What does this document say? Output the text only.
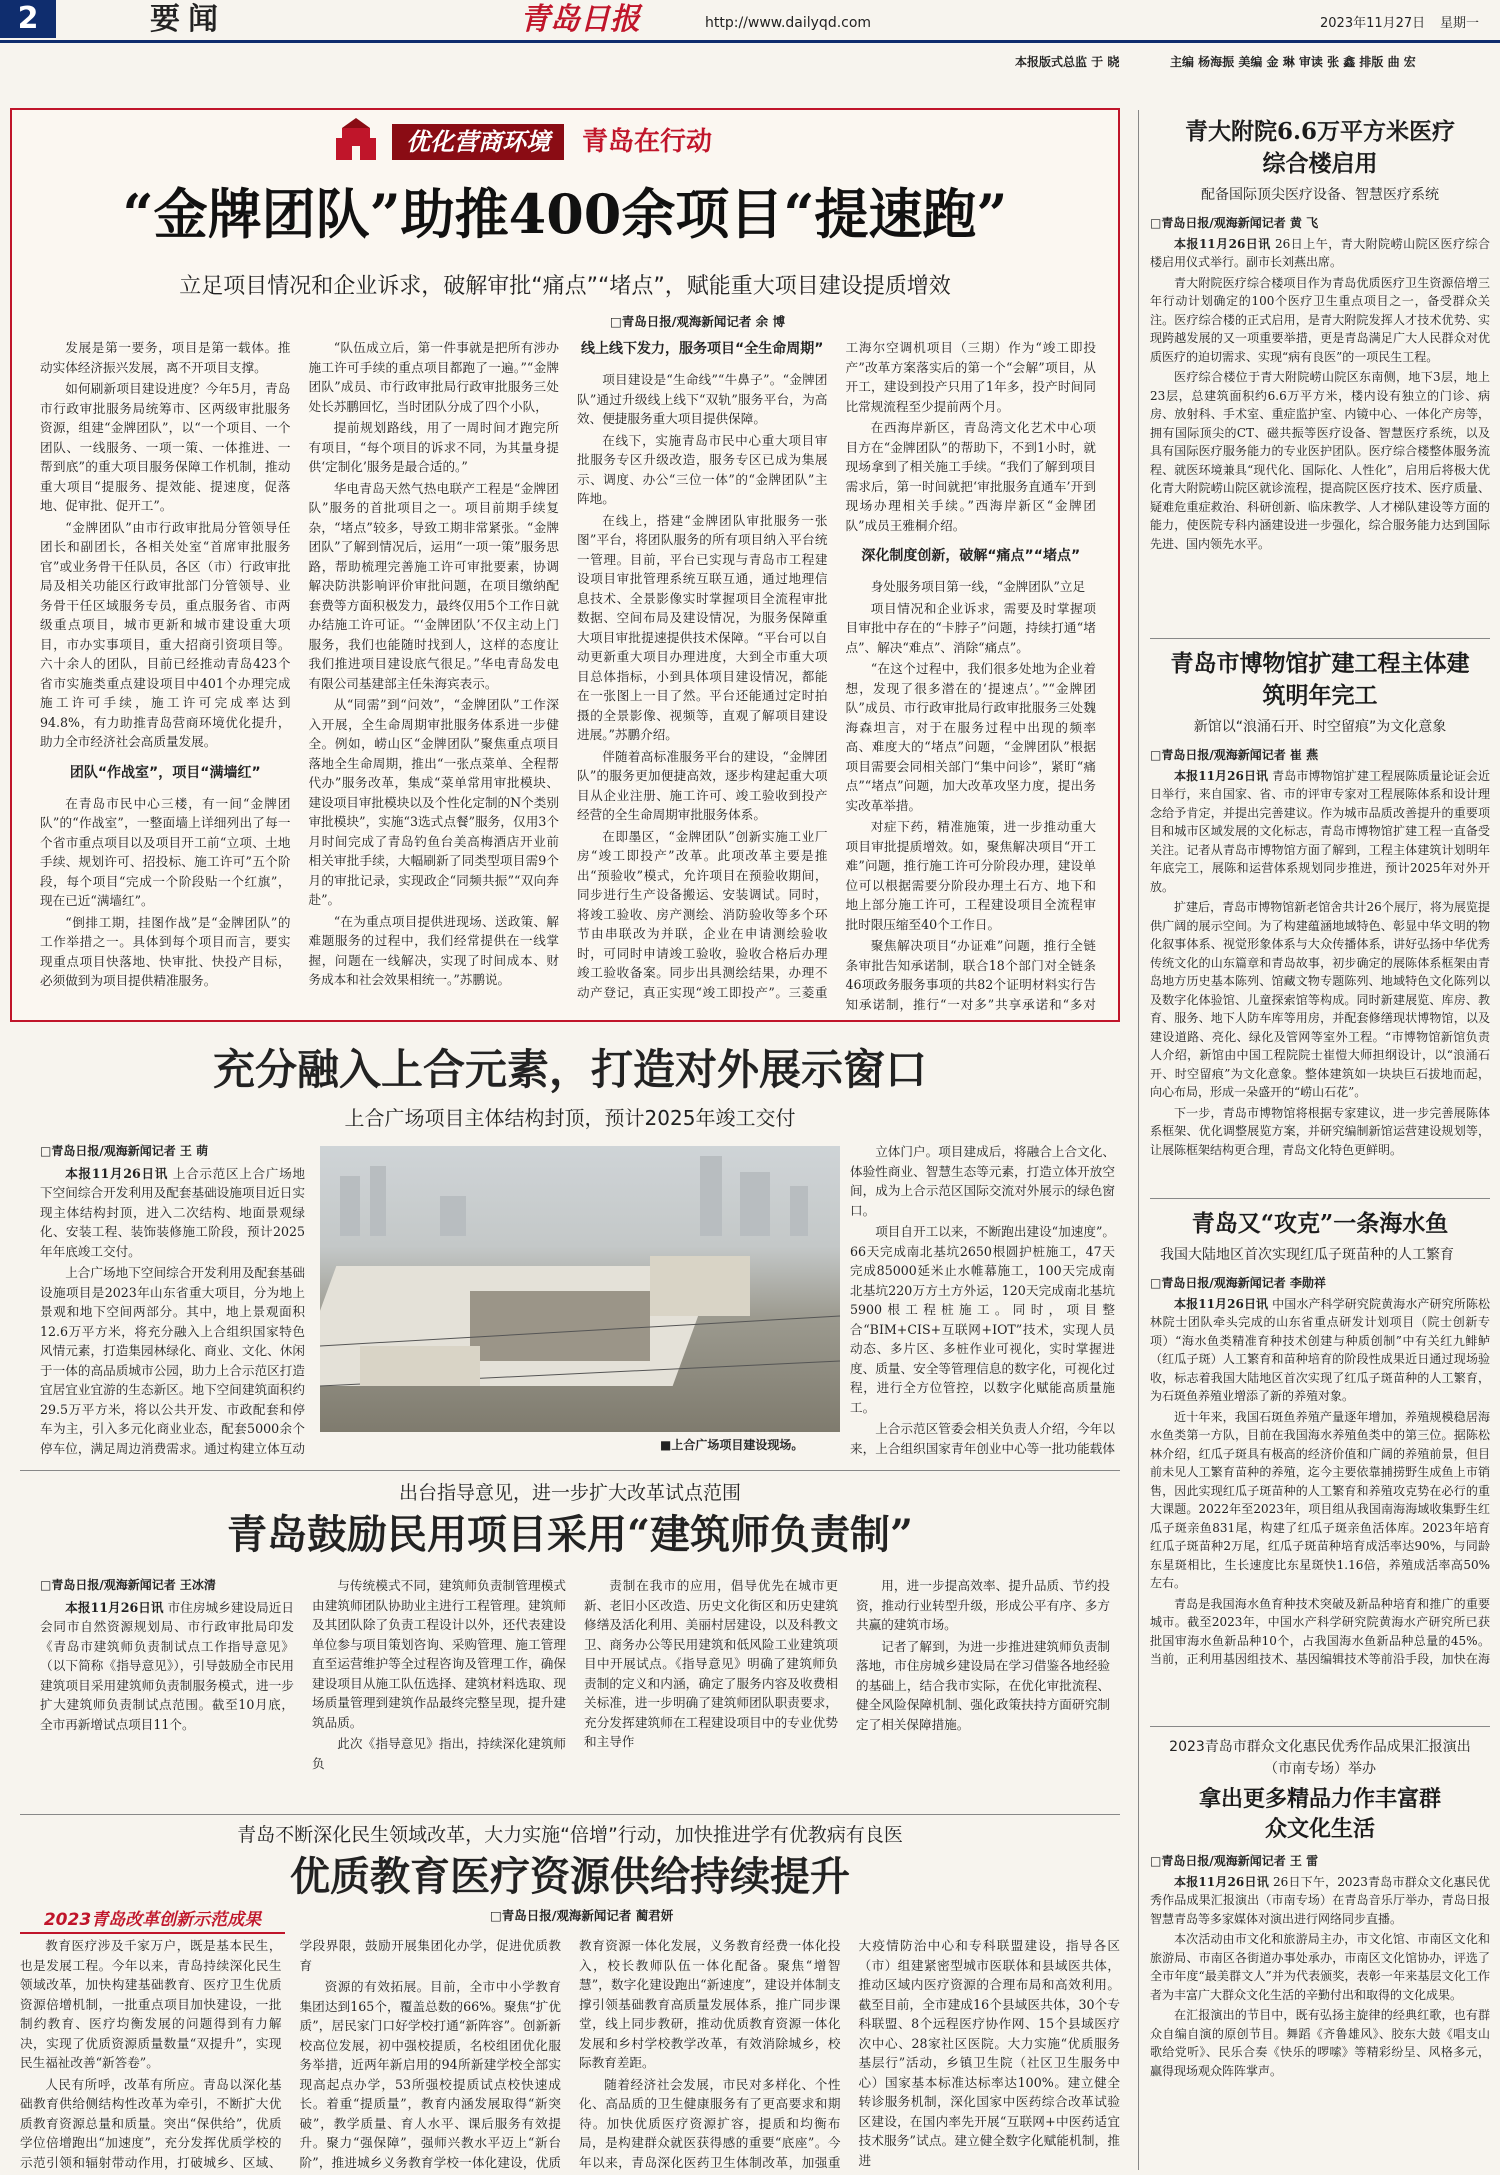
2	要闻	青岛日报	http://www.dailyqd.com	2023年11月27日 星期一
本报版式总监 于 晓	主编 杨海振 美编 金 琳 审读 张 鑫 排版 曲 宏
优化营商环境	青岛在行动
“金牌团队”助推400余项目“提速跑”
立足项目情况和企业诉求，破解审批“痛点”“堵点”，赋能重大项目建设提质增效
□青岛日报/观海新闻记者 余 博

发展是第一要务，项目是第一载体。推动实体经济振兴发展，离不开项目支撑。

如何刷新项目建设进度？今年5月，青岛市行政审批服务局统筹市、区两级审批服务资源，组建“金牌团队”，以“一个项目、一个团队、一线服务、一项一策、一体推进、一帮到底”的重大项目服务保障工作机制，推动重大项目“提服务、提效能、提速度，促落地、促审批、促开工”。

“金牌团队”由市行政审批局分管领导任团长和副团长，各相关处室“首席审批服务官”或业务骨干任队员，各区（市）行政审批局及相关功能区行政审批部门分管领导、业务骨干任区域服务专员，重点服务省、市两级重点项目，城市更新和城市建设重大项目，市办实事项目，重大招商引资项目等。六十余人的团队，目前已经推动青岛423个省市实施类重点建设项目中401个办理完成施工许可手续，施工许可完成率达到94.8%，有力助推青岛营商环境优化提升，助力全市经济社会高质量发展。

团队“作战室”，项目“满墙红”

在青岛市民中心三楼，有一间“金牌团队”的“作战室”，一整面墙上详细列出了每一个省市重点项目以及项目开工前“立项、土地手续、规划许可、招投标、施工许可”五个阶段，每个项目“完成一个阶段贴一个红旗”，现在已近“满墙红”。

“倒排工期，挂图作战”是“金牌团队”的工作举措之一。具体到每个项目而言，要实现重点项目快落地、快审批、快投产目标，必须做到为项目提供精准服务。

“队伍成立后，第一件事就是把所有涉办施工许可手续的重点项目都跑了一遍。”“金牌团队”成员、市行政审批局行政审批服务三处处长苏鹏回忆，当时团队分成了四个小队，

提前规划路线，用了一周时间才跑完所有项目，“每个项目的诉求不同，为其量身提供‘定制化’服务是最合适的。”

华电青岛天然气热电联产工程是“金牌团队”服务的首批项目之一。项目前期手续复杂，“堵点”较多，导致工期非常紧张。“金牌团队”了解到情况后，运用“一项一策”服务思路，帮助梳理完善施工许可审批要素，协调解决防洪影响评价审批问题，在项目缴纳配套费等方面积极发力，最终仅用5个工作日就办结施工许可证。“‘金牌团队’不仅主动上门服务，我们也能随时找到人，这样的态度让我们推进项目建设底气很足。”华电青岛发电有限公司基建部主任朱海宾表示。

从“同需”到“问效”，“金牌团队”工作深入开展，全生命周期审批服务体系进一步健全。例如，崂山区“金牌团队”聚焦重点项目落地全生命周期，推出“一张点菜单、全程帮代办”服务改革，集成“菜单常用审批模块、建设项目审批模块以及个性化定制的N个类别审批模块”，实施“3选式点餐”服务，仅用3个月时间完成了青岛钓鱼台美高梅酒店开业前相关审批手续，大幅刷新了同类型项目需9个月的审批记录，实现政企“同频共振”“双向奔赴”。

“在为重点项目提供进现场、送政策、解难题服务的过程中，我们经常提供在一线掌握，问题在一线解决，实现了时间成本、财务成本和社会效果相统一。”苏鹏说。

线上线下发力，服务项目“全生命周期”

项目建设是“生命线”“牛鼻子”。“金牌团队”通过升级线上线下“双轨”服务平台，为高效、便捷服务重大项目提供保障。

在线下，实施青岛市民中心重大项目审批服务专区升级改造，服务专区已成为集展示、调度、办公“三位一体”的“金牌团队”主阵地。

在线上，搭建“金牌团队审批服务一张图”平台，将团队服务的所有项目纳入平台统一管理。目前，平台已实现与青岛市工程建设项目审批管理系统互联互通，通过地理信息技术、全景影像实时掌握项目全流程审批数据、空间布局及建设情况，为服务保障重大项目审批提速提供技术保障。“平台可以自动更新重大项目办理进度，大到全市重大项目总体指标，小到具体项目建设情况，都能在一张图上一目了然。平台还能通过定时拍摄的全景影像、视频等，直观了解项目建设进展。”苏鹏介绍。

伴随着高标准服务平台的建设，“金牌团队”的服务更加便捷高效，逐步构建起重大项目从企业注册、施工许可、竣工验收到投产经营的全生命周期审批服务体系。

在即墨区，“金牌团队”创新实施工业厂房“竣工即投产”改革。此项改革主要是推出“预验收”模式，允许项目在预验收期间，同步进行生产设备搬运、安装调试。同时，将竣工验收、房产测绘、消防验收等多个环节由串联改为并联，企业在申请测绘验收时，可同时申请竣工验收，验收合格后办理竣工验收备案。同步出具测绘结果，办理不动产登记，真正实现“竣工即投产”。三菱重工海尔空调机项目（三期）作为“竣工即投产”改革方案落实后的第一个“会解”项目，从开工，建设到投产只用了1年多，投产时间同比常规流程至少提前两个月。

在西海岸新区，青岛湾文化艺术中心项目方在“金牌团队”的帮助下，不到1小时，就现场拿到了相关施工手续。“我们了解到项目需求后，第一时间就把‘审批服务直通车’开到现场办理相关手续。”西海岸新区“金牌团队”成员王雅桐介绍。

深化制度创新，破解“痛点”“堵点”

身处服务项目第一线，“金牌团队”立足

项目情况和企业诉求，需要及时掌握项目审批中存在的“卡脖子”问题，持续打通“堵点”、解决“难点”、消除“痛点”。

“在这个过程中，我们很多处地为企业着想，发现了很多潜在的‘提速点’。”“金牌团队”成员、市行政审批局行政审批服务三处魏海森坦言，对于在服务过程中出现的频率高、难度大的“堵点”问题，“金牌团队”根据项目需要会同相关部门“集中问诊”，紧盯“痛点”“堵点”问题，加大改革攻坚力度，提出务实改革举措。

对症下药，精准施策，进一步推动重大项目审批提质增效。如，聚焦解决项目“开工难”问题，推行施工许可分阶段办理，建设单位可以根据需要分阶段办理土石方、地下和地上部分施工许可，工程建设项目全流程审批时限压缩至40个工作日。

聚焦解决项目“办证难”问题，推行全链条审批告知承诺制，联合18个部门对全链条46项政务服务事项的共82个证明材料实行告知承诺制，推行“一对多”共享承诺和“多对

充分融入上合元素，打造对外展示窗口
上合广场项目主体结构封顶，预计2025年竣工交付

□青岛日报/观海新闻记者 王 萌

本报11月26日讯 上合示范区上合广场地下空间综合开发利用及配套基础设施项目近日实现主体结构封顶，进入二次结构、地面景观绿化、安装工程、装饰装修施工阶段，预计2025年年底竣工交付。

上合广场地下空间综合开发利用及配套基础设施项目是2023年山东省重大项目，分为地上景观和地下空间两部分。其中，地上景观面积12.6万平方米，将充分融入上合组织国家特色风情元素，打造集园林绿化、商业、文化、休闲于一体的高品质城市公园，助力上合示范区打造宜居宜业宜游的生态新区。地下空间建筑面积约29.5万平方米，将以公共开发、市政配套和停车为主，引入多元化商业业态，配套5000余个停车位，满足周边消费需求。通过构建立体互动	■上合广场项目建设现场。

立体门户。项目建成后，将融合上合文化、体验性商业、智慧生态等元素，打造立体开放空间，成为上合示范区国际交流对外展示的绿色窗口。

项目自开工以来，不断跑出建设“加速度”。66天完成南北基坑2650根圆护桩施工，47天完成85000延米止水帷幕施工，100天完成南北基坑220万方土方外运，120天完成南北基坑5900根工程桩施工。同时，项目整合“BIM+CIS+互联网+IOT”技术，实现人员动态、多片区、多桩作业可视化，实时掌握进度、质量、安全等管理信息的数字化，可视化过程，进行全方位管控，以数字化赋能高质量施工。

上合示范区管委会相关负责人介绍，今年以来，上合组织国家青年创业中心等一批功能载体

出台指导意见，进一步扩大改革试点范围
青岛鼓励民用项目采用“建筑师负责制”

□青岛日报/观海新闻记者 王冰清

本报11月26日讯 市住房城乡建设局近日会同市自然资源规划局、市行政审批局印发《青岛市建筑师负责制试点工作指导意见》（以下简称《指导意见》），引导鼓励全市民用建筑项目采用建筑师负责制服务模式，进一步扩大建筑师负责制试点范围。截至10月底，全市再新增试点项目11个。

与传统模式不同，建筑师负责制管理模式由建筑师团队协助业主进行工程管理。建筑师及其团队除了负责工程设计以外，还代表建设单位参与项目策划咨询、采购管理、施工管理直至运营维护等全过程咨询及管理工作，确保建设项目从施工队伍选择、建筑材料选取、现场质量管理到建筑作品最终完整呈现，提升建筑品质。

此次《指导意见》指出，持续深化建筑师负

责制在我市的应用，倡导优先在城市更新、老旧小区改造、历史文化街区和历史建筑修缮及活化利用、美丽村居建设，以及科教文卫、商务办公等民用建筑和低风险工业建筑项目中开展试点。《指导意见》明确了建筑师负责制的定义和内涵，确定了服务内容及收费相关标准，进一步明确了建筑师团队职责要求，充分发挥建筑师在工程建设项目中的专业优势和主导作

用，进一步提高效率、提升品质、节约投资，推动行业转型升级，形成公平有序、多方共赢的建筑市场。

记者了解到，为进一步推进建筑师负责制落地，市住房城乡建设局在学习借鉴各地经验的基础上，结合我市实际，在优化审批流程、健全风险保障机制、强化政策扶持方面研究制定了相关保障措施。

青岛不断深化民生领域改革，大力实施“倍增”行动，加快推进学有优教病有良医
优质教育医疗资源供给持续提升
□青岛日报/观海新闻记者 蔺君妍
2023青岛改革创新示范成果

教育医疗涉及千家万户，既是基本民生，也是发展工程。今年以来，青岛持续深化民生领域改革，加快构建基础教育、医疗卫生优质资源倍增机制，一批重点项目加快建设，一批制约教育、医疗均衡发展的问题得到有力解决，实现了优质资源质量数量“双提升”，实现民生福祉改善“新答卷”。

人民有所呼，改革有所应。青岛以深化基础教育供给侧结构性改革为牵引，不断扩大优质教育资源总量和质量。突出“保供给”，优质学位倍增跑出“加速度”，充分发挥优质学校的示范引领和辐射带动作用，打破城乡、区域、学段界限，鼓励开展集团化办学，促进优质教育

资源的有效拓展。目前，全市中小学教育集团达到165个，覆盖总数的66%。聚焦“扩优质”，居民家门口好学校打通“新阵容”。创新新校高位发展，初中强校提质，名校组团优化服务举措，近两年新启用的94所新建学校全部实现高起点办学，53所强校提质试点校快速成长。着重“提质量”，教育内涵发展取得“新突破”，教学质量、育人水平、课后服务有效提升。聚力“强保障”，强师兴教水平迈上“新台阶”，推进城乡义务教育学校一体化建设，优质教育资源一体化发展，义务教育经费一体化投入，校长教师队伍一体化配备。聚焦“增智慧”，数字化建设跑出“新速度”，建设并体制支撑引领基础教育高质量发展体系，推广同步课堂，线上同步教研，推动优质教育资源一体化发展和乡村学校教学改革，有效消除城乡，校际教育差距。

随着经济社会发展，市民对多样化、个性化、高品质的卫生健康服务有了更高要求和期待。加快优质医疗资源扩容，提质和均衡布局，是构建群众就医获得感的重要“底座”。今年以来，青岛深化医药卫生体制改革，加强重大疫情防治中心和专科联盟建设，指导各区（市）组建紧密型城市医联体和县域医共体，推动区域内医疗资源的合理布局和高效利用。截至目前，全市建成16个县域医共体，30个专科联盟、8个远程医疗协作网、15个县域医疗次中心、28家社区医院。大力实施“优质服务基层行”活动，乡镇卫生院（社区卫生服务中心）国家基本标准达标率达100%。建立健全转诊服务机制，深化国家中医药综合改革试验区建设，在国内率先开展“互联网+中医药适宜技术服务”试点。建立健全数字化赋能机制，推进

青大附院6.6万平方米医疗综合楼启用
配备国际顶尖医疗设备、智慧医疗系统

□青岛日报/观海新闻记者 黄 飞

本报11月26日讯 26日上午，青大附院崂山院区医疗综合楼启用仪式举行。副市长刘燕出席。

青大附院医疗综合楼项目作为青岛优质医疗卫生资源倍增三年行动计划确定的100个医疗卫生重点项目之一，备受群众关注。医疗综合楼的正式启用，是青大附院发挥人才技术优势、实现跨越发展的又一项重要举措，更是青岛满足广大人民群众对优质医疗的迫切需求、实现“病有良医”的一项民生工程。

医疗综合楼位于青大附院崂山院区东南侧，地下3层，地上23层，总建筑面积约6.6万平方米，楼内设有独立的门诊、病房、放射科、手术室、重症监护室、内镜中心、一体化产房等，拥有国际顶尖的CT、磁共振等医疗设备、智慧医疗系统，以及具有国际医疗服务能力的专业医护团队。医疗综合楼整体服务流程、就医环境兼具“现代化、国际化、人性化”，启用后将极大优化青大附院崂山院区就诊流程，提高院区医疗技术、医疗质量、疑难危重症救治、科研创新、临床教学、人才梯队建设等方面的能力，使医院专科内涵建设进一步强化，综合服务能力达到国际先进、国内领先水平。

青岛市博物馆扩建工程主体建筑明年完工
新馆以“浪涌石开、时空留痕”为文化意象

□青岛日报/观海新闻记者 崔 燕

本报11月26日讯 青岛市博物馆扩建工程展陈质量论证会近日举行，来自国家、省、市的评审专家对工程展陈体系和设计理念给予肯定，并提出完善建议。作为城市品质改善提升的重要项目和城市区域发展的文化标志，青岛市博物馆扩建工程一直备受关注。记者从青岛市博物馆方面了解到，工程主体建筑计划明年年底完工，展陈和运营体系规划同步推进，预计2025年对外开放。

扩建后，青岛市博物馆新老馆舍共计26个展厅，将为展览提供广阔的展示空间。为了构建蕴涵地域特色、彰显中华文明的物化叙事体系、视觉形象体系与大众传播体系，讲好弘扬中华优秀传统文化的山东篇章和青岛故事，初步确定的展陈体系框架由青岛地方历史基本陈列、馆藏文物专题陈列、地域特色文化陈列以及数字化体验馆、儿童探索馆等构成。同时新建展览、库房、教育、服务、地下人防车库等用房，并配套修缮现状博物馆，以及建设道路、亮化、绿化及管网等室外工程。“市博物馆新馆负责人介绍，新馆由中国工程院院士崔愷大师担纲设计，以“浪涌石开、时空留痕”为文化意象。整体建筑如一块块巨石拔地而起，向心布局，形成一朵盛开的“崂山石花”。

下一步，青岛市博物馆将根据专家建议，进一步完善展陈体系框架、优化调整展览方案，并研究编制新馆运营建设规划等，让展陈框架结构更合理，青岛文化特色更鲜明。

青岛又“攻克”一条海水鱼
我国大陆地区首次实现红瓜子斑苗种的人工繁育

□青岛日报/观海新闻记者 李勋祥

本报11月26日讯 中国水产科学研究院黄海水产研究所陈松林院士团队牵头完成的山东省重点研发计划项目（院士创新专项）“海水鱼类精准育种技术创建与种质创制”中有关红九鲱鲈（红瓜子斑）人工繁育和苗种培育的阶段性成果近日通过现场验收，标志着我国大陆地区首次实现了红瓜子斑苗种的人工繁育，为石斑鱼养殖业增添了新的养殖对象。

近十年来，我国石斑鱼养殖产量逐年增加，养殖规模稳居海水鱼类第一方队，目前在我国海水养殖鱼类中的第三位。据陈松林介绍，红瓜子斑具有极高的经济价值和广阔的养殖前景，但目前未见人工繁育苗种的养殖，迄今主要依靠捕捞野生成鱼上市销售，因此实现红瓜子斑苗种的人工繁育和养殖攻克势在必行的重大课题。2022年至2023年，项目组从我国南海海域收集野生红瓜子斑亲鱼831尾，构建了红瓜子斑亲鱼活体库。2023年培育红瓜子斑苗种2万尾，红瓜子斑苗种培育成活率达90%，与同龄东星斑相比，生长速度比东星斑快1.16倍，养殖成活率高50%左右。

青岛是我国海水鱼育种技术突破及新品种培育和推广的重要城市。截至2023年，中国水产科学研究院黄海水产研究所已获批国审海水鱼新品种10个，占我国海水鱼新品种总量的45%。当前，正利用基因组技术、基因编辑技术等前沿手段，加快在海

2023青岛市群众文化惠民优秀作品成果汇报演出（市南专场）举办
拿出更多精品力作丰富群众文化生活

□青岛日报/观海新闻记者 王 雷

本报11月26日讯 26日下午，2023青岛市群众文化惠民优秀作品成果汇报演出（市南专场）在青岛音乐厅举办，青岛日报智慧青岛等多家媒体对演出进行网络同步直播。

本次活动由市文化和旅游局主办，市文化馆、市南区文化和旅游局、市南区各街道办事处承办，市南区文化馆协办，评选了全市年度“最美群文人”并为代表颁奖，表彰一年来基层文化工作者为丰富广大群众文化生活的辛勤付出和取得的文化成果。

在汇报演出的节目中，既有弘扬主旋律的经典红歌，也有群众自编自演的原创节目。舞蹈《齐鲁雄风》、胶东大鼓《唱支山歌给党听》、民乐合奏《快乐的啰嗦》等精彩纷呈、风格多元，赢得现场观众阵阵掌声。
